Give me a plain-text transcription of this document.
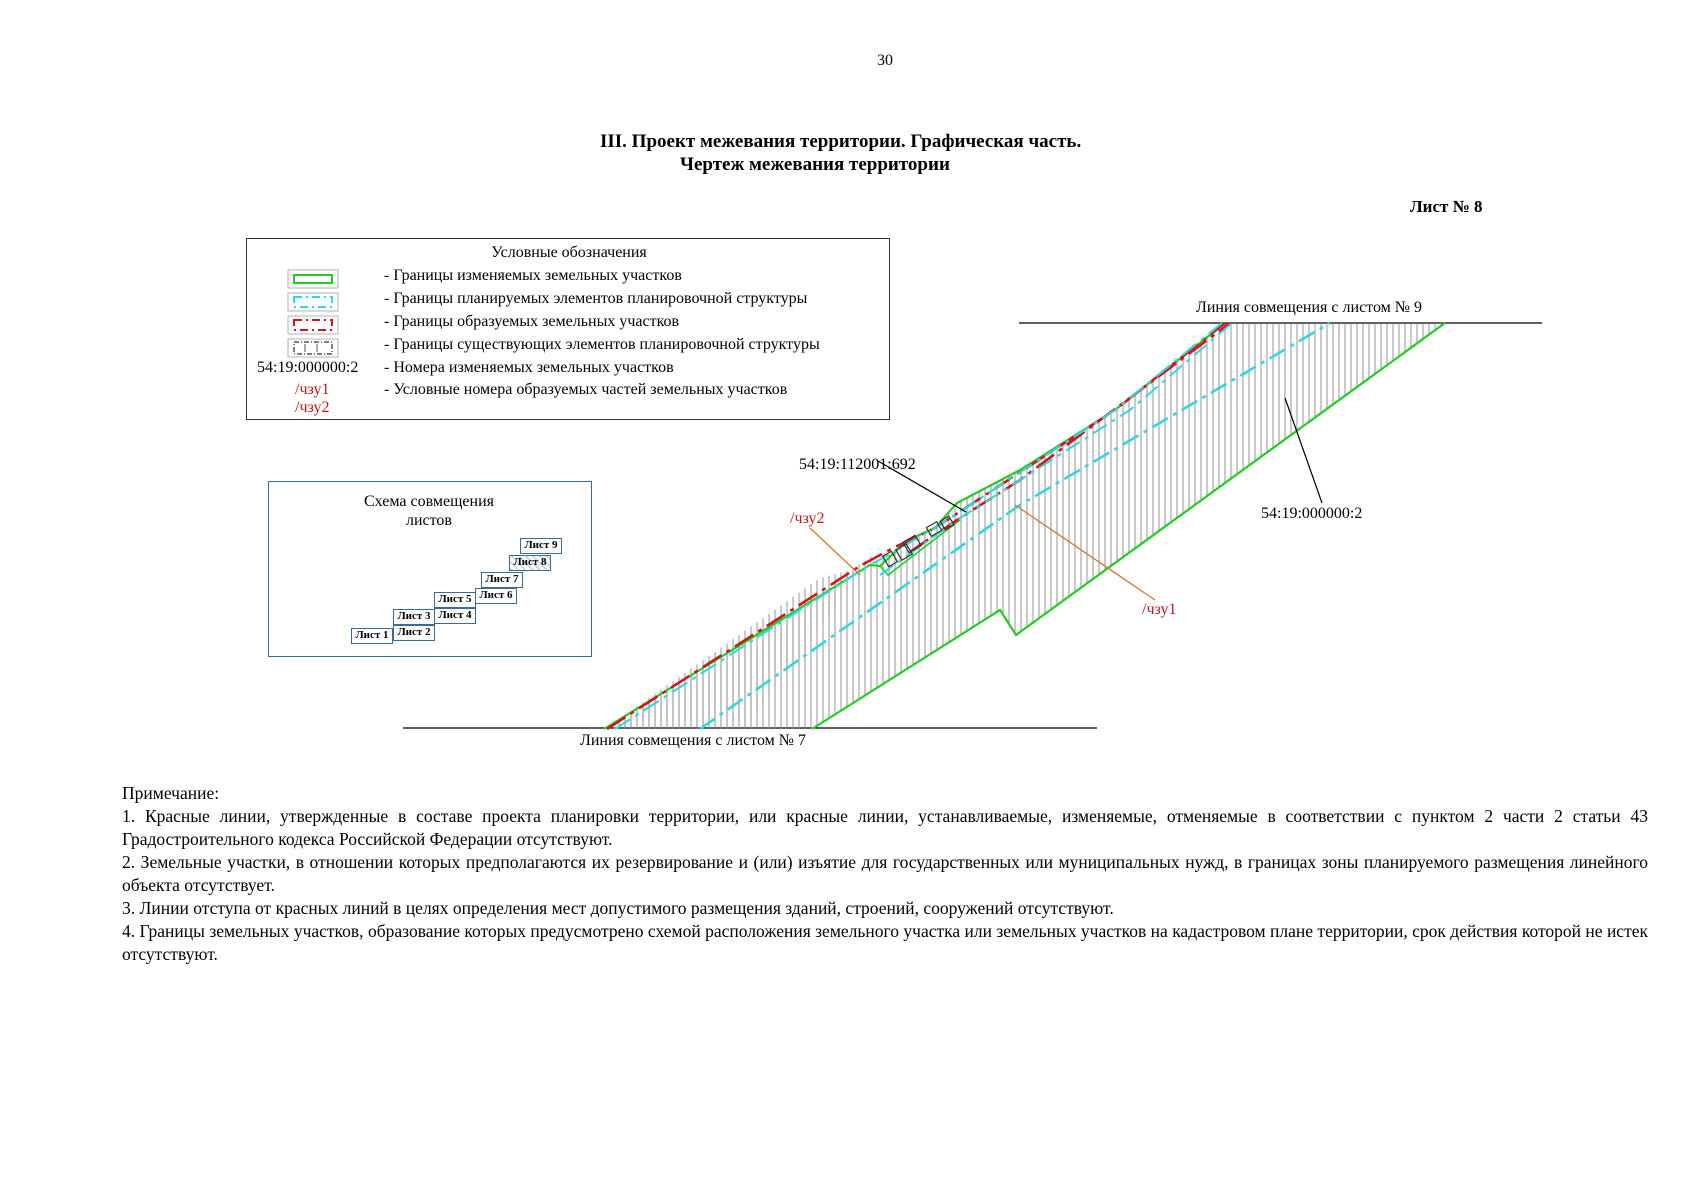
30
III. Проект межевания территории. Графическая часть.
Чертеж межевания территории
Лист № 8
Линия совмещения с листом № 9
Линия совмещения с листом № 7
54:19:112001:692
54:19:000000:2
/чзу2
/чзу1
Условные обозначения
- Границы изменяемых земельных участков
- Границы планируемых элементов планировочной структуры
- Границы образуемых земельных участков
- Границы существующих элементов планировочной структуры
54:19:000000:2 - Номера изменяемых земельных участков
/чзу1	- Условные номера образуемых частей земельных участков
/чзу2
Схема совмещения
листов
Лист 1 Лист 2
Лист 3 Лист 4
Лист 5 Лист 6
Лист 7
Лист 8
Лист 9

Примечание:

1. Красные линии, утвержденные в составе проекта планировки территории, или красные линии, устанавливаемые, изменяемые, отменяемые в соответствии с пунктом 2 части 2 статьи 43 Градостроительного кодекса Российской Федерации отсутствуют.

2. Земельные участки, в отношении которых предполагаются их резервирование и (или) изъятие для государственных или муниципальных нужд, в границах зоны планируемого размещения линейного объекта отсутствует.

3. Линии отступа от красных линий в целях определения мест допустимого размещения зданий, строений, сооружений отсутствуют.

4. Границы земельных участков, образование которых предусмотрено схемой расположения земельного участка или земельных участков на кадастровом плане территории, срок действия которой не истек отсутствуют.
